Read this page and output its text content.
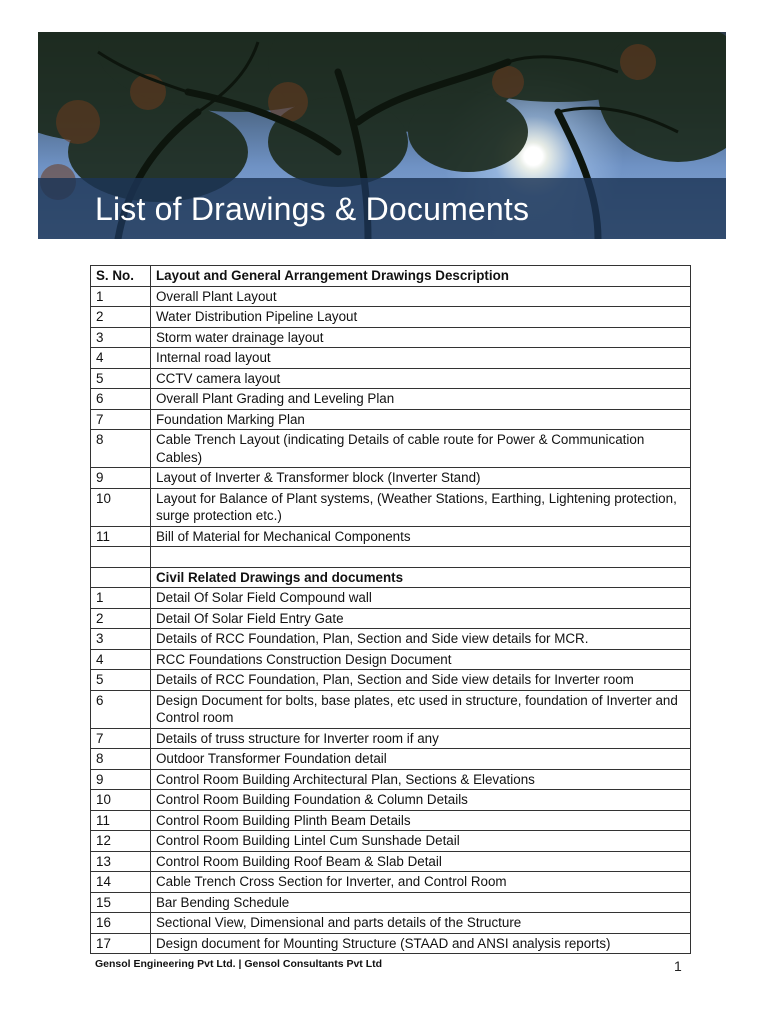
List of Drawings & Documents
S. No.	Layout and General Arrangement Drawings Description
1	Overall Plant Layout
2	Water Distribution Pipeline Layout
3	Storm water drainage layout
4	Internal road layout
5	CCTV camera layout
6	Overall Plant Grading and Leveling Plan
7	Foundation Marking Plan
8	Cable Trench Layout (indicating Details of cable route for Power & Communication Cables)
9	Layout of Inverter & Transformer block (Inverter Stand)
10	Layout for Balance of Plant systems, (Weather Stations, Earthing, Lightening protection, surge protection etc.)
11	Bill of Material for Mechanical Components

	Civil Related Drawings and documents
1	Detail Of Solar Field Compound wall
2	Detail Of Solar Field Entry Gate
3	Details of RCC Foundation, Plan, Section and Side view details for MCR.
4	RCC Foundations Construction Design Document
5	Details of RCC Foundation, Plan, Section and Side view details for Inverter room
6	Design Document for bolts, base plates, etc used in structure, foundation of Inverter and Control room
7	Details of truss structure for Inverter room if any
8	Outdoor Transformer Foundation detail
9	Control Room Building Architectural Plan, Sections & Elevations
10	Control Room Building Foundation & Column Details
11	Control Room Building Plinth Beam Details
12	Control Room Building Lintel Cum Sunshade Detail
13	Control Room Building Roof Beam & Slab Detail
14	Cable Trench Cross Section for Inverter, and Control Room
15	Bar Bending Schedule
16	Sectional View, Dimensional and parts details of the Structure
17	Design document for Mounting Structure (STAAD and ANSI analysis reports)
Gensol Engineering Pvt Ltd. | Gensol Consultants Pvt Ltd	1
